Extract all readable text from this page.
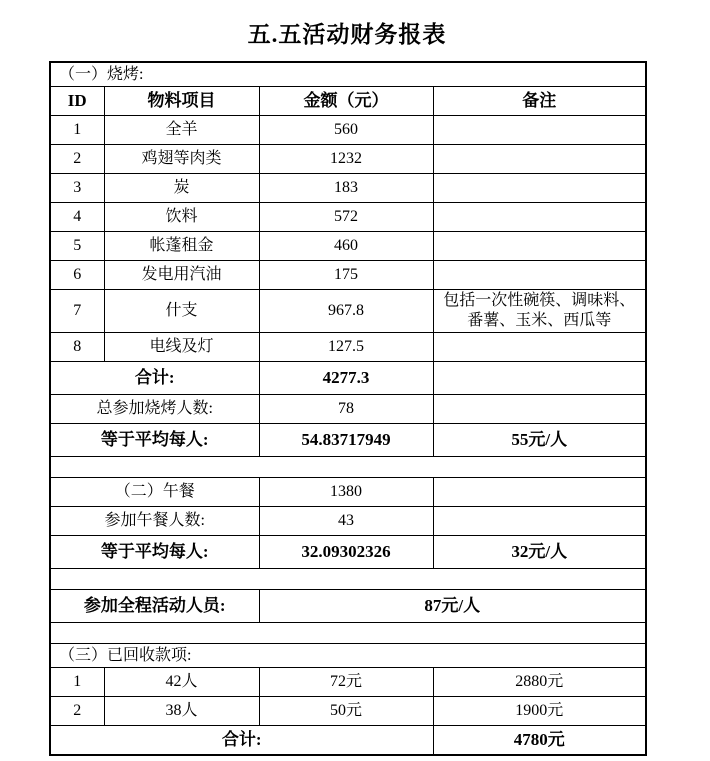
五.五活动财务报表
（一）烧烤:			
ID	物料项目	金额（元）	备注
1	全羊	560	
2	鸡翅等肉类	1232	
3	炭	183	
4	饮料	572	
5	帐蓬租金	460	
6	发电用汽油	175	
7	什支	967.8	包括一次性碗筷、调味料、番薯、玉米、西瓜等
8	电线及灯	127.5	
合计:		4277.3	
总参加烧烤人数:		78	
等于平均每人:		54.83717949	55元/人

（二）午餐		1380	
参加午餐人数:		43	
等于平均每人:		32.09302326	32元/人

参加全程活动人员:		87元/人	

（三）已回收款项:			
1	42人	72元	2880元
2	38人	50元	1900元
合计:			4780元
